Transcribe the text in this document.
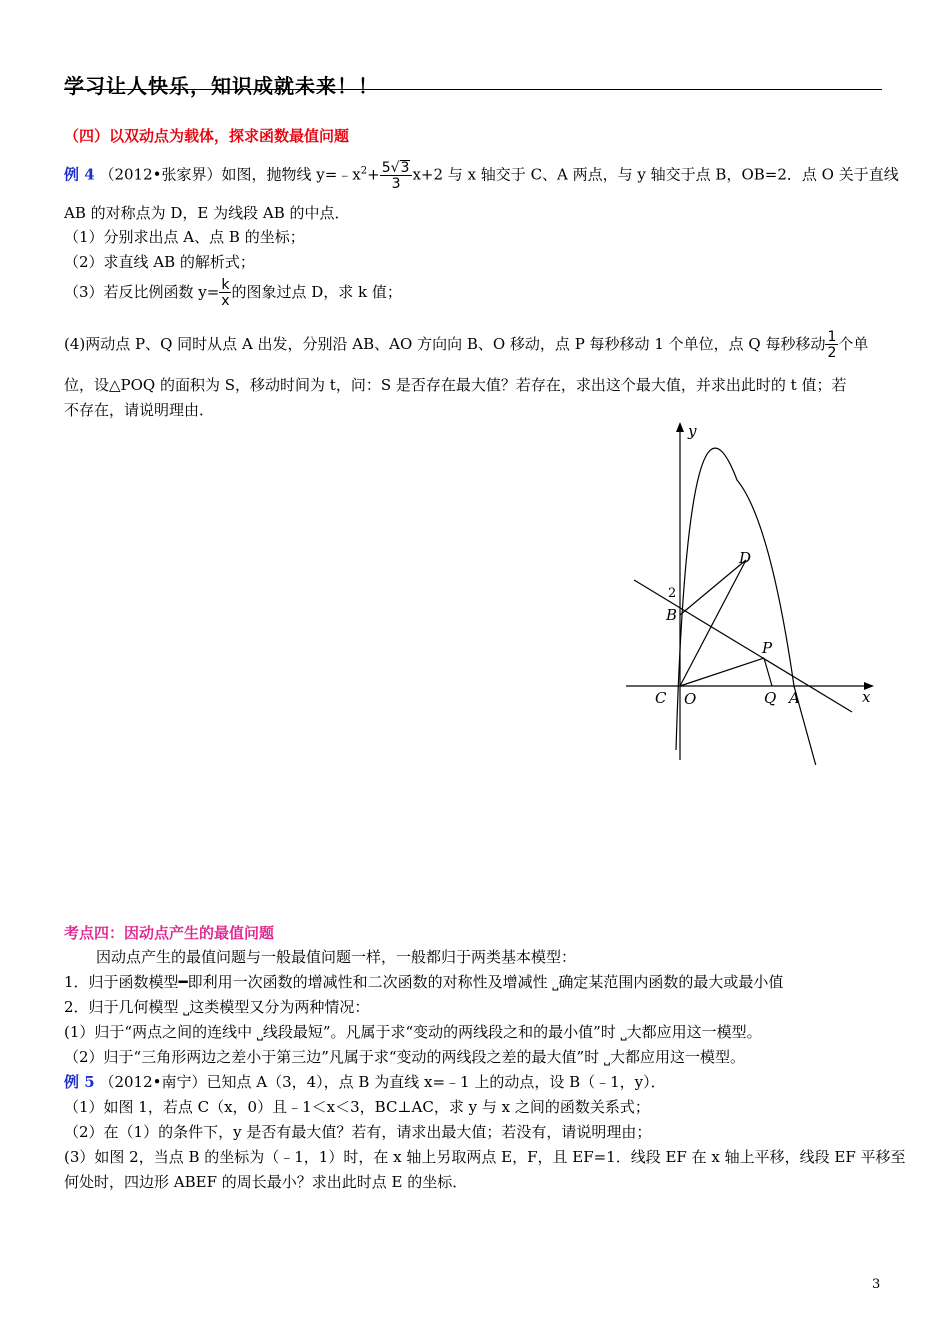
学习让人快乐，知识成就未来！！
（四）以双动点为载体，探求函数最值问题
例 4 （2012•张家界）如图，抛物线 $y=﹣x^2+ \frac{5√3}{3} x+2$ 与 x 轴交于 C、A 两点，与 y 轴交于点 B，OB=2．点 O 关于直线
AB 的对称点为 D，E 为线段 AB 的中点．
（1）分别求出点 A、点 B 的坐标；
（2）求直线 AB 的解析式；
（3）若反比例函数 $y= \frac{k}{x}$ 的图象过点 D，求 k 值；
(4)两动点 P、Q 同时从点 A 出发，分别沿 AB、AO 方向向 B、O 移动，点 P 每秒移动 1 个单位，点 Q 每秒移动 $\frac{1}{2}$ 个单
位，设△POQ 的面积为 S，移动时间为 t，问：S 是否存在最大值？若存在，求出这个最大值，并求出此时的 t 值；若
不存在，请说明理由．
y
x
2
B
D
P
C O	Q A
考点四：因动点产生的最值问题
因动点产生的最值问题与一般最值问题一样，一般都归于两类基本模型：
1．归于函数模型━即利用一次函数的增减性和二次函数的对称性及增减性 ⎵确定某范围内函数的最大或最小值
2．归于几何模型 ⎵这类模型又分为两种情况：
(1）归于“两点之间的连线中 ⎵线段最短”。凡属于求“变动的两线段之和的最小值”时 ⎵大都应用这一模型。
（2）归于“三角形两边之差小于第三边”凡属于求“变动的两线段之差的最大值”时 ⎵大都应用这一模型。
例 5 （2012•南宁）已知点 A（3，4），点 B 为直线 x=﹣1 上的动点，设 B（﹣1，y）．
（1）如图 1，若点 C（x，0）且﹣1＜x＜3，BC⊥AC，求 y 与 x 之间的函数关系式；
（2）在（1）的条件下，y 是否有最大值？若有，请求出最大值；若没有，请说明理由；
(3）如图 2，当点 B 的坐标为（﹣1，1）时，在 x 轴上另取两点 E，F，且 EF=1．线段 EF 在 x 轴上平移，线段 EF 平移至
何处时，四边形 ABEF 的周长最小？求出此时点 E 的坐标．
3
